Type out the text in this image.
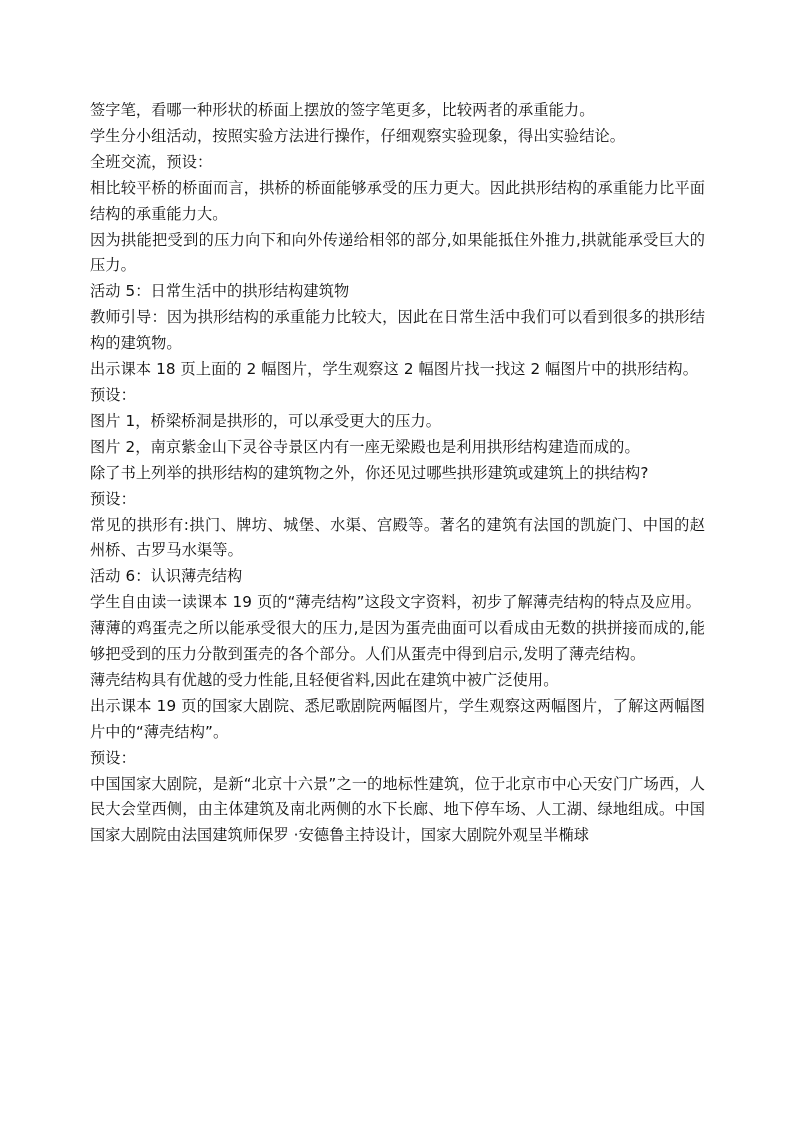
签字笔，看哪一种形状的桥面上摆放的签字笔更多，比较两者的承重能力。

学生分小组活动，按照实验方法进行操作，仔细观察实验现象，得出实验结论。

全班交流，预设：

相比较平桥的桥面而言，拱桥的桥面能够承受的压力更大。因此拱形结构的承重能力比平面结构的承重能力大。

因为拱能把受到的压力向下和向外传递给相邻的部分,如果能抵住外推力,拱就能承受巨大的压力。

活动 5：日常生活中的拱形结构建筑物

教师引导：因为拱形结构的承重能力比较大，因此在日常生活中我们可以看到很多的拱形结构的建筑物。

出示课本 18 页上面的 2 幅图片，学生观察这 2 幅图片找一找这 2 幅图片中的拱形结构。

预设：

图片 1，桥梁桥洞是拱形的，可以承受更大的压力。

图片 2，南京紫金山下灵谷寺景区内有一座无梁殿也是利用拱形结构建造而成的。

除了书上列举的拱形结构的建筑物之外，你还见过哪些拱形建筑或建筑上的拱结构?

预设：

常见的拱形有:拱门、牌坊、城堡、水渠、宫殿等。著名的建筑有法国的凯旋门、中国的赵州桥、古罗马水渠等。

活动 6：认识薄壳结构

学生自由读一读课本 19 页的“薄壳结构”这段文字资料，初步了解薄壳结构的特点及应用。

薄薄的鸡蛋壳之所以能承受很大的压力,是因为蛋壳曲面可以看成由无数的拱拼接而成的,能够把受到的压力分散到蛋壳的各个部分。人们从蛋壳中得到启示,发明了薄壳结构。

薄壳结构具有优越的受力性能,且轻便省料,因此在建筑中被广泛使用。

出示课本 19 页的国家大剧院、悉尼歌剧院两幅图片，学生观察这两幅图片，了解这两幅图片中的“薄壳结构”。

预设：

中国国家大剧院，是新“北京十六景”之一的地标性建筑，位于北京市中心天安门广场西，人民大会堂西侧，由主体建筑及南北两侧的水下长廊、地下停车场、人工湖、绿地组成。中国国家大剧院由法国建筑师保罗 ·安德鲁主持设计，国家大剧院外观呈半椭球
